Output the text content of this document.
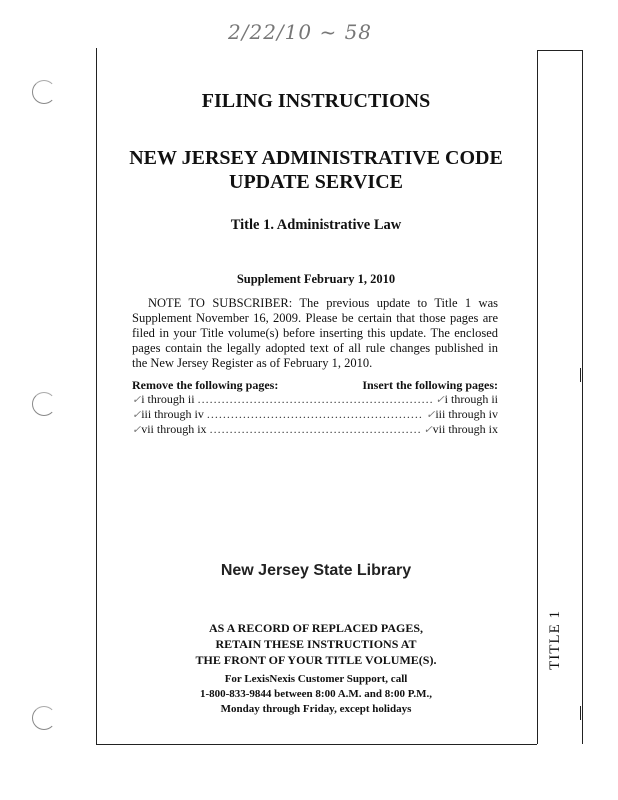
2/22/10 ~ 58
TITLE 1
FILING INSTRUCTIONS
NEW JERSEY ADMINISTRATIVE CODE
UPDATE SERVICE
Title 1. Administrative Law
Supplement February 1, 2010

NOTE TO SUBSCRIBER: The previous update to Title 1 was Supplement November 16, 2009. Please be certain that those pages are filed in your Title volume(s) before inserting this update. The enclosed pages contain the legally adopted text of all rule changes published in the New Jersey Register as of February 1, 2010.

Remove the following pages:	Insert the following pages:
✓ i through ii .....	✓ i through ii
✓ iii through iv .....	✓ iii through iv
✓ vii through ix .....	✓ vii through ix
New Jersey State Library
AS A RECORD OF REPLACED PAGES,
RETAIN THESE INSTRUCTIONS AT
THE FRONT OF YOUR TITLE VOLUME(S).
For LexisNexis Customer Support, call
1-800-833-9844 between 8:00 A.M. and 8:00 P.M.,
Monday through Friday, except holidays
